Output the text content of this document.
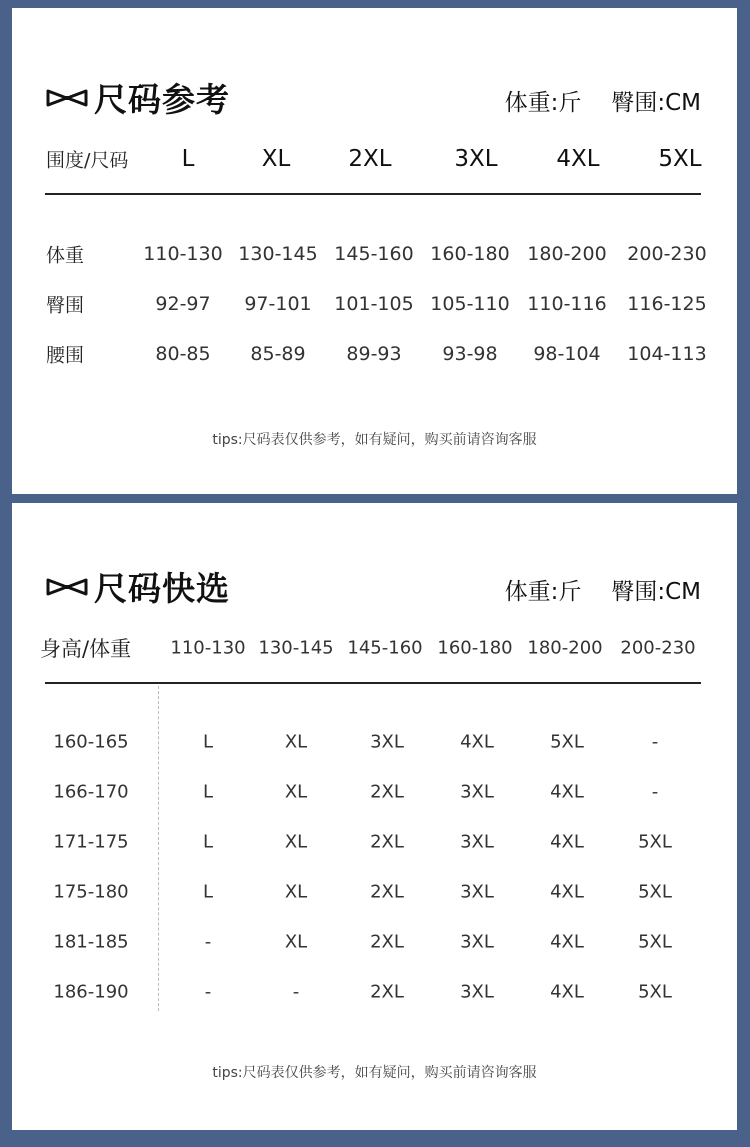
尺码参考	体重:斤 臀围:CM
围度/尺码 L	XL	2XL	3XL	4XL	5XL
体重	110-130 130-145 145-160 160-180 180-200 200-230
臀围	92-97 97-101 101-105 105-110 110-116 116-125
腰围	80-85 85-89 89-93 93-98 98-104 104-113
tips:尺码表仅供参考，如有疑问，购买前请咨询客服
尺码快选	体重:斤 臀围:CM
身高/体重 110-130 130-145 145-160 160-180 180-200 200-230
160-165	L	XL	3XL	4XL	5XL	-
166-170	L	XL	2XL	3XL	4XL	-
171-175	L	XL	2XL	3XL	4XL	5XL
175-180	L	XL	2XL	3XL	4XL	5XL
181-185	-	XL	2XL	3XL	4XL	5XL
186-190	-	-	2XL	3XL	4XL	5XL
tips:尺码表仅供参考，如有疑问，购买前请咨询客服
